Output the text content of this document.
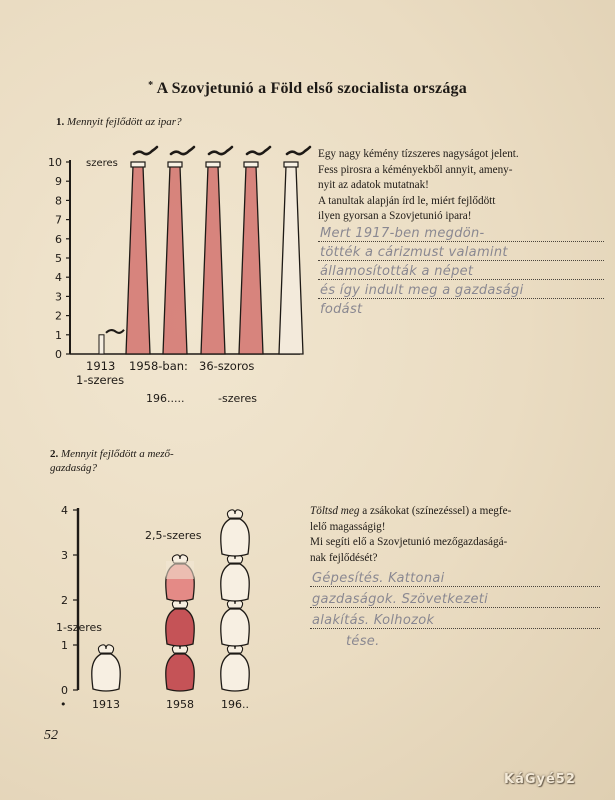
* A Szovjetunió a Föld első szocialista országa
1. Mennyit fejlődött az ipar?
0
1
2
3
4
5
6
7
8
9
10 szeres
1913
1-szeres
1958-ban: 36-szoros
196.....	-szeres
Egy nagy kémény tízszeres nagyságot jelent.
Fess pirosra a kéményekből annyit, ameny-
nyit az adatok mutatnak!
A tanultak alapján írd le, miért fejlődött
ilyen gyorsan a Szovjetunió ipara!
Mert 1917-ben megdön-
tötték a cárizmust valamint
államosították a népet
és így indult meg a gazdasági
fodást
2. Mennyit fejlődött a mező-
gazdaság?
0
1
2
3
4
1913	1958 196..
1-szeres
2,5-szeres
•
Töltsd meg a zsákokat (színezéssel) a megfe-
lelő magasságig!
Mi segíti elő a Szovjetunió mezőgazdaságá-
nak fejlődését?
Gépesítés. Kattonai
gazdaságok. Szövetkezeti
alakítás. Kolhozok
tése.
52
KáGyé52
